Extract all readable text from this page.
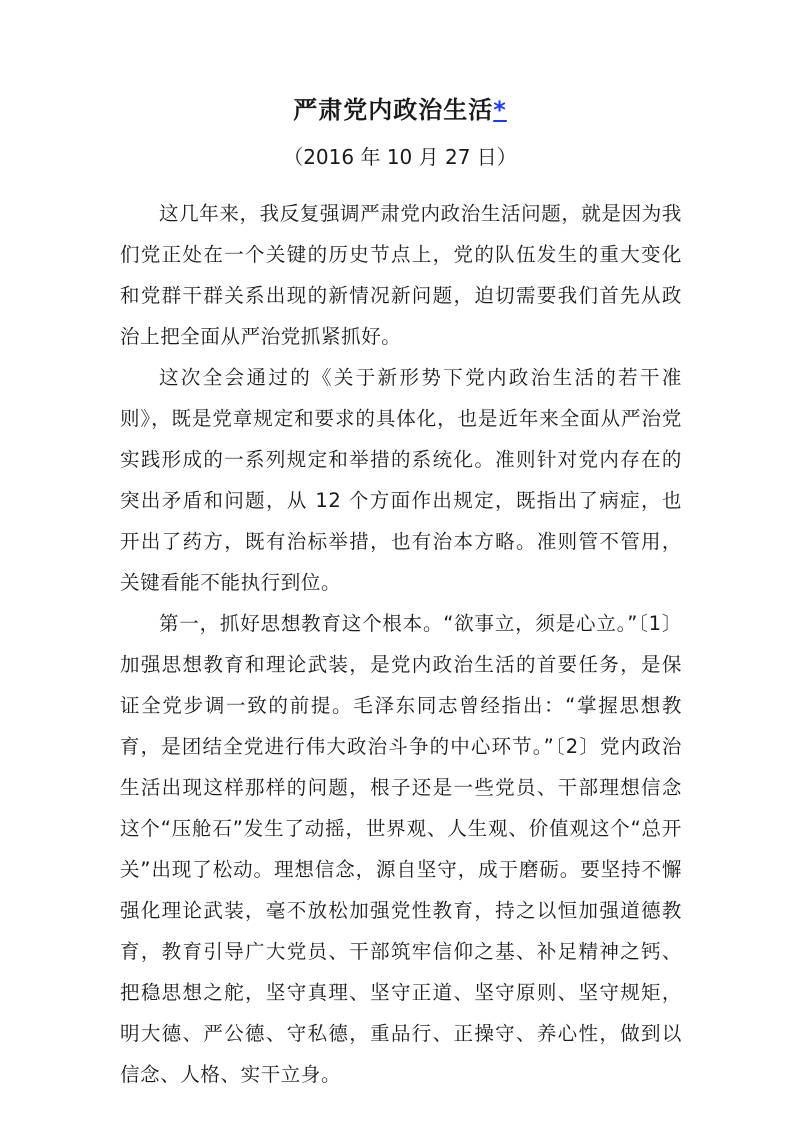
严肃党内政治生活*
（2016 年 10 月 27 日）

这几年来，我反复强调严肃党内政治生活问题，就是因为我们党正处在一个关键的历史节点上，党的队伍发生的重大变化和党群干群关系出现的新情况新问题，迫切需要我们首先从政治上把全面从严治党抓紧抓好。

这次全会通过的《关于新形势下党内政治生活的若干准则》，既是党章规定和要求的具体化，也是近年来全面从严治党实践形成的一系列规定和举措的系统化。准则针对党内存在的突出矛盾和问题，从 12 个方面作出规定，既指出了病症，也开出了药方，既有治标举措，也有治本方略。准则管不管用，关键看能不能执行到位。

第一，抓好思想教育这个根本。“欲事立，须是心立。”〔1〕加强思想教育和理论武装，是党内政治生活的首要任务，是保证全党步调一致的前提。毛泽东同志曾经指出：“掌握思想教育，是团结全党进行伟大政治斗争的中心环节。”〔2〕党内政治生活出现这样那样的问题，根子还是一些党员、干部理想信念这个“压舱石”发生了动摇，世界观、人生观、价值观这个“总开关”出现了松动。理想信念，源自坚守，成于磨砺。要坚持不懈强化理论武装，毫不放松加强党性教育，持之以恒加强道德教育，教育引导广大党员、干部筑牢信仰之基、补足精神之钙、把稳思想之舵，坚守真理、坚守正道、坚守原则、坚守规矩，明大德、严公德、守私德，重品行、正操守、养心性，做到以信念、人格、实干立身。
